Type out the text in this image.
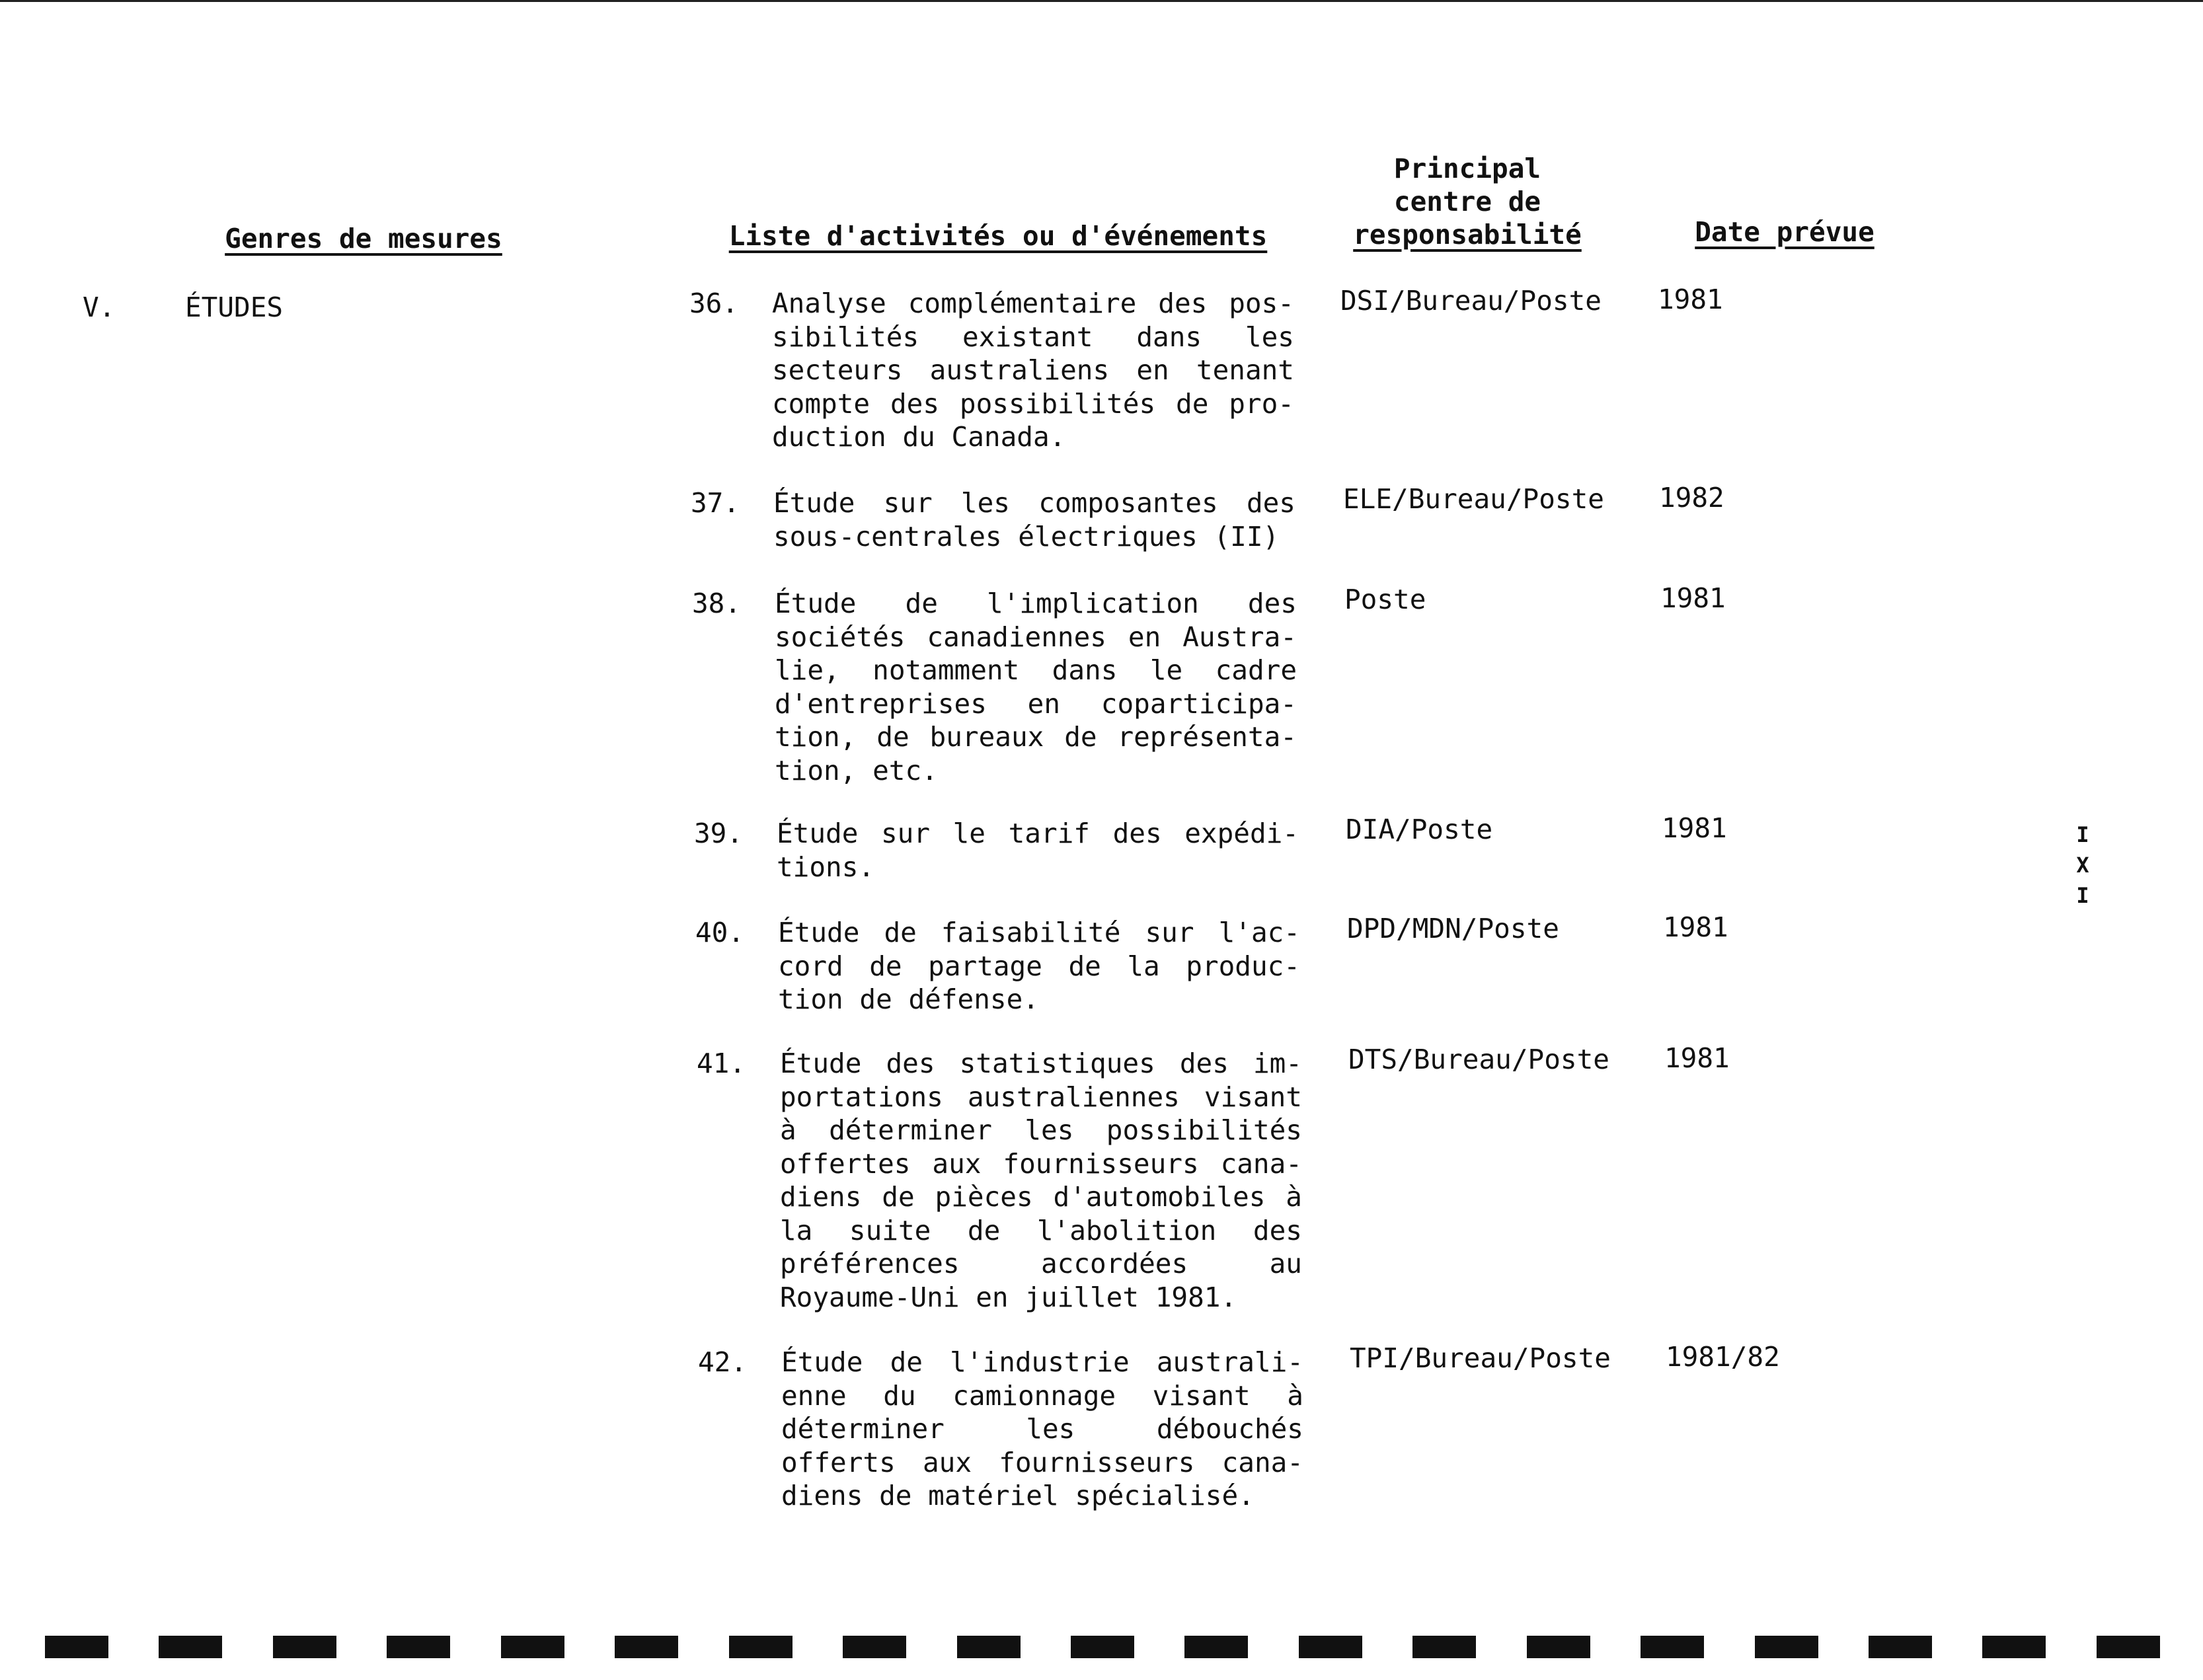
Genres de mesures	Liste d'activités ou d'événements
Principal
centre de
responsabilité	Date prévue
V.	ÉTUDES	36. Analyse complémentaire des pos-
sibilités existant dans les
secteurs australiens en tenant
compte des possibilités de pro-
duction du Canada.
DSI/Bureau/Poste 1981
37. Étude sur les composantes des
sous-centrales électriques (II)
ELE/Bureau/Poste 1982
38. Étude de l'implication des
sociétés canadiennes en Austra-
lie, notamment dans le cadre
d'entreprises en coparticipa-
tion, de bureaux de représenta-
tion, etc.
Poste	1981
39. Étude sur le tarif des expédi-
tions.
DIA/Poste	1981
40. Étude de faisabilité sur l'ac-
cord de partage de la produc-
tion de défense.
DPD/MDN/Poste	1981
41. Étude des statistiques des im-
portations australiennes visant
à déterminer les possibilités
offertes aux fournisseurs cana-
diens de pièces d'automobiles à
la suite de l'abolition des
préférences accordées au
Royaume-Uni en juillet 1981.
DTS/Bureau/Poste 1981
42. Étude de l'industrie australi-
enne du camionnage visant à
déterminer les débouchés
offerts aux fournisseurs cana-
diens de matériel spécialisé.
TPI/Bureau/Poste 1981/82
I
X
I
